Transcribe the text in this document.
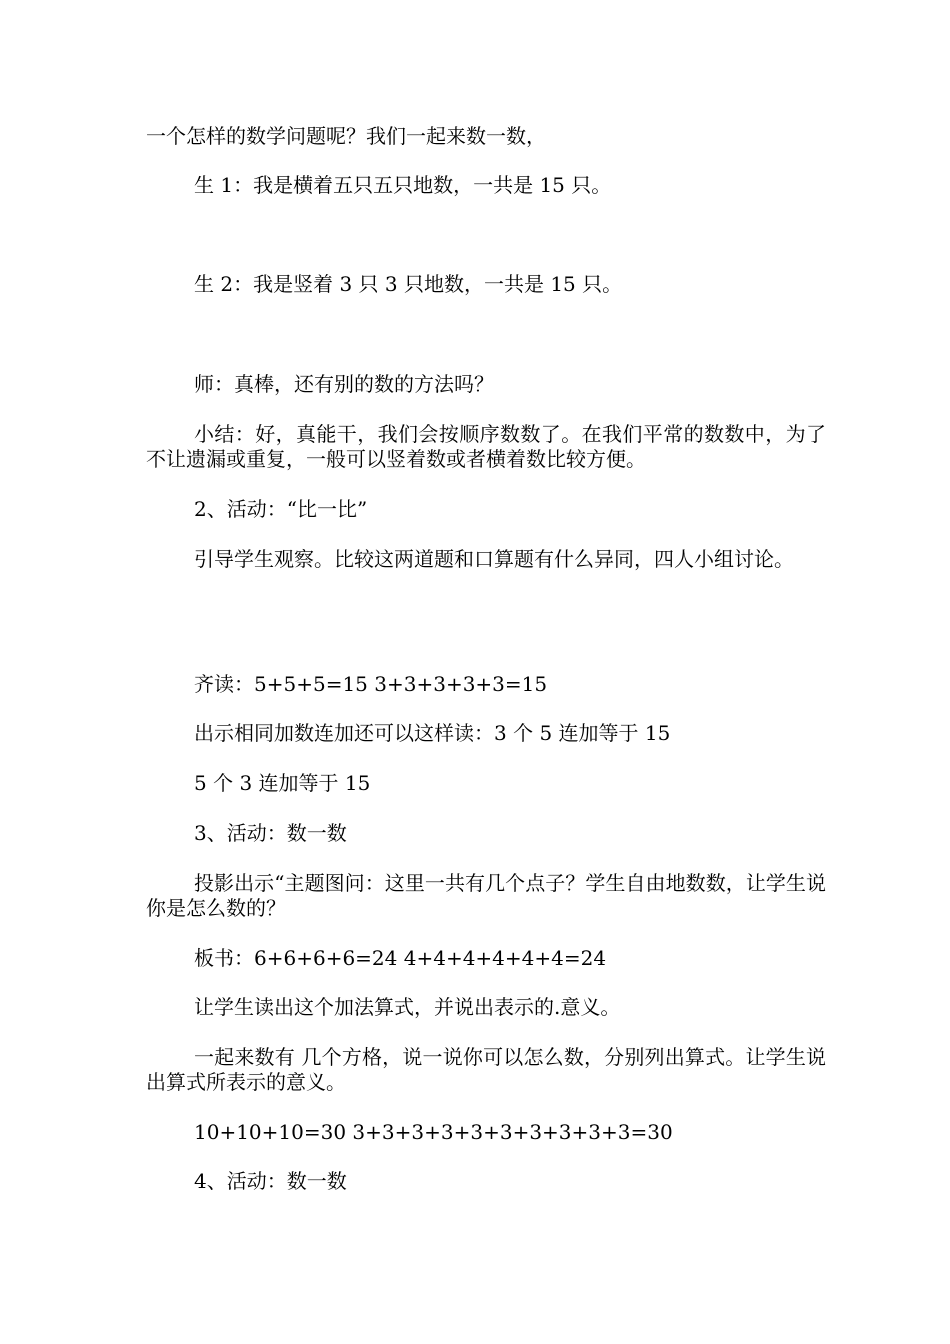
一个怎样的数学问题呢？我们一起来数一数，

生 1：我是横着五只五只地数，一共是 15 只。

生 2：我是竖着 3 只 3 只地数，一共是 15 只。

师：真棒，还有别的数的方法吗？

小结：好，真能干，我们会按顺序数数了。在我们平常的数数中，为了不让遗漏或重复，一般可以竖着数或者横着数比较方便。

2、活动：“比一比”

引导学生观察。比较这两道题和口算题有什么异同，四人小组讨论。

齐读：5+5+5=15 3+3+3+3+3=15

出示相同加数连加还可以这样读：3 个 5 连加等于 15

5 个 3 连加等于 15

3、活动：数一数

投影出示“主题图问：这里一共有几个点子？学生自由地数数，让学生说你是怎么数的？

板书：6+6+6+6=24 4+4+4+4+4+4=24

让学生读出这个加法算式，并说出表示的.意义。

一起来数有 几个方格，说一说你可以怎么数，分别列出算式。让学生说出算式所表示的意义。

10+10+10=30 3+3+3+3+3+3+3+3+3+3=30

4、活动：数一数
